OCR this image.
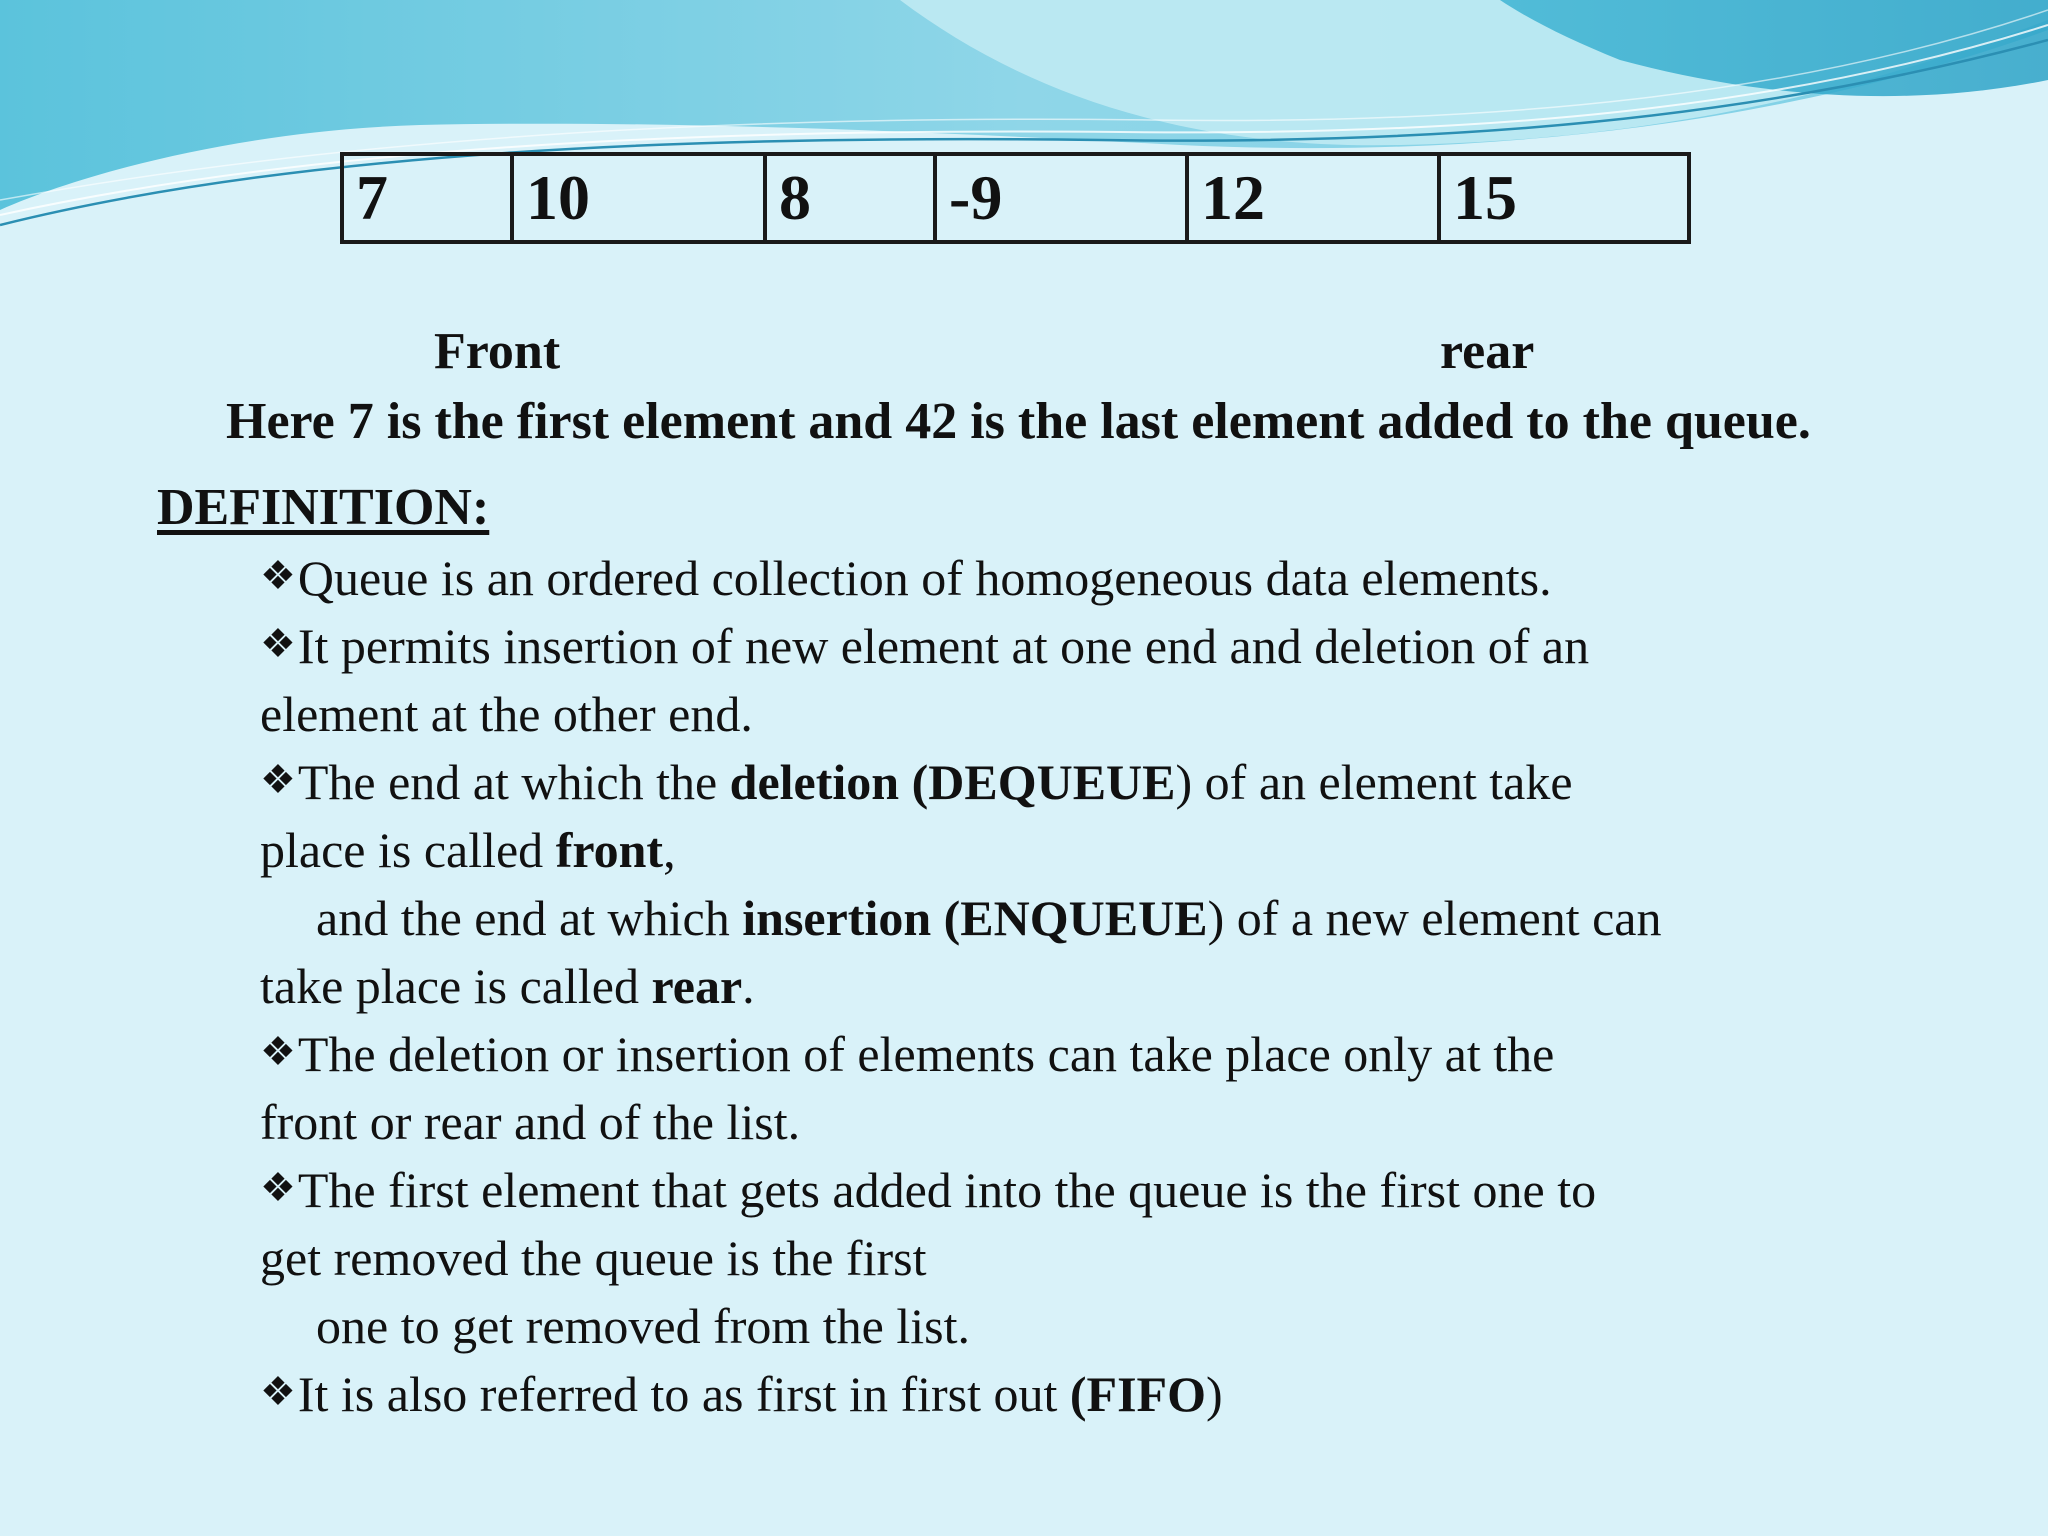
7	10	8	-9	12	15
Front	rear
Here 7 is the first element and 42 is the last element added to the queue.
DEFINITION:
❖Queue is an ordered collection of homogeneous data elements.
❖It permits insertion of new element at one end and deletion of an
element at the other end.
❖The end at which the deletion (DEQUEUE) of an element take
place is called front,
and the end at which insertion (ENQUEUE) of a new element can
take place is called rear.
❖The deletion or insertion of elements can take place only at the
front or rear and of the list.
❖The first element that gets added into the queue is the first one to
get removed the queue is the first
one to get removed from the list.
❖It is also referred to as first in first out (FIFO)
